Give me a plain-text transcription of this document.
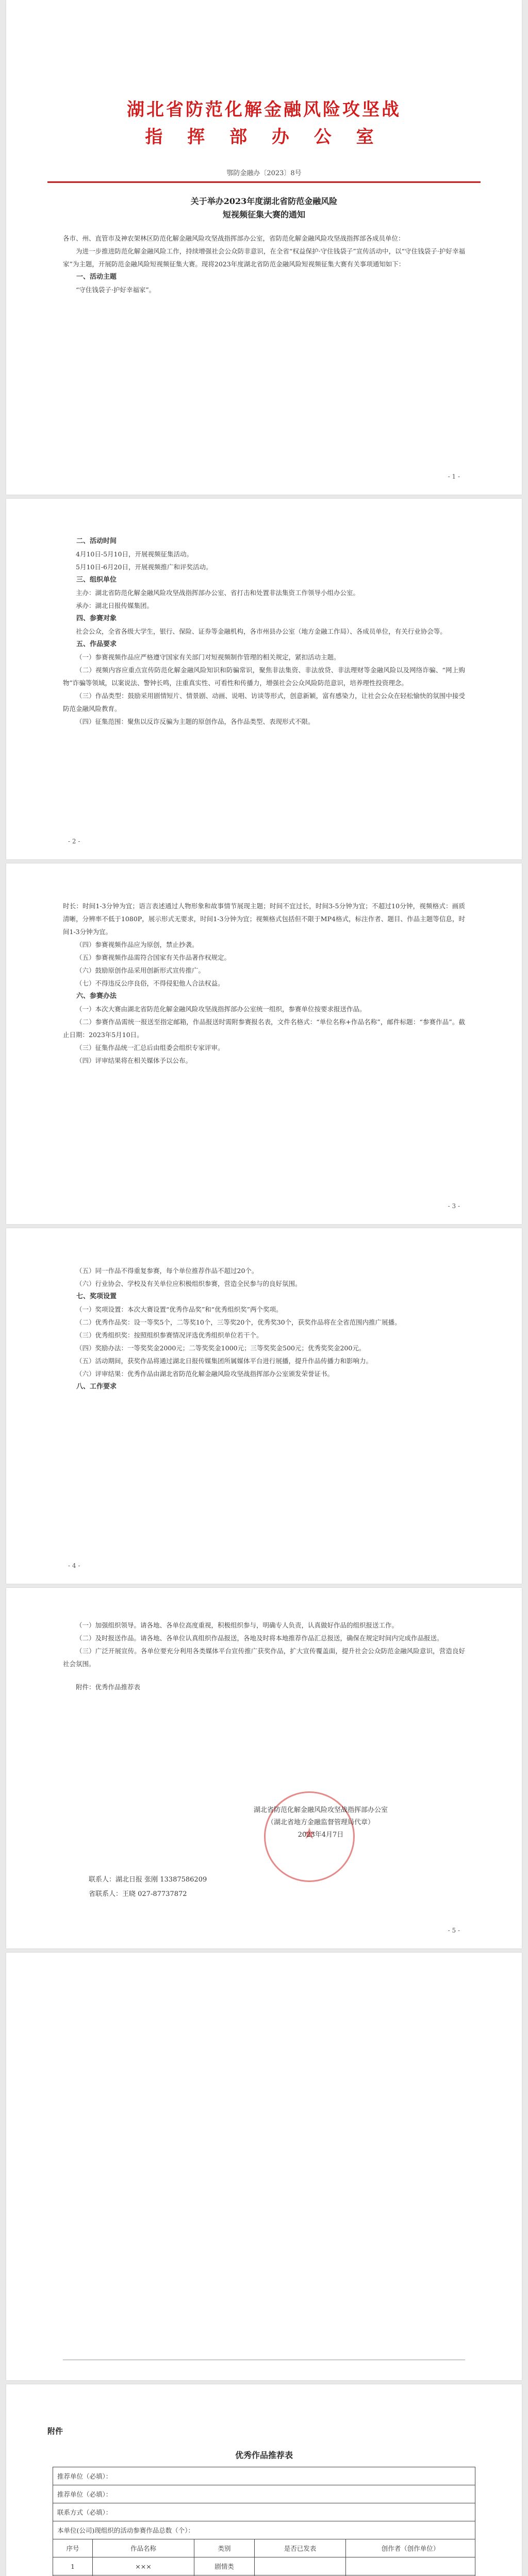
湖北省防范化解金融风险攻坚战
指 挥 部 办 公 室
鄂防金融办〔2023〕8号
关于举办2023年度湖北省防范金融风险
短视频征集大赛的通知

各市、州、直管市及神农架林区防范化解金融风险攻坚战指挥部办公室，省防范化解金融风险攻坚战指挥部各成员单位：

为进一步推进防范化解金融风险工作，持续增强社会公众防非意识，在全省“权益保护·守住钱袋子”宣传活动中，以“守住钱袋子·护好幸福家”为主题，开展防范金融风险短视频征集大赛。现将2023年度湖北省防范金融风险短视频征集大赛有关事项通知如下：

一、活动主题

“守住钱袋子·护好幸福家”。

- 1 -

二、活动时间

4月10日-5月10日，开展视频征集活动。

5月10日-6月20日，开展视频推广和评奖活动。

三、组织单位

主办：湖北省防范化解金融风险攻坚战指挥部办公室、省打击和处置非法集资工作领导小组办公室。

承办：湖北日报传媒集团。

四、参赛对象

社会公众，全省各级大学生，银行、保险、证券等金融机构，各市州县办公室（地方金融工作局）、各成员单位，有关行业协会等。

五、作品要求

（一）参赛视频作品应严格遵守国家有关部门对短视频制作管理的相关规定，紧扣活动主题。

（二）视频内容应重点宣传防范化解金融风险知识和防骗常识，聚焦非法集资、非法放贷、非法理财等金融风险以及网络诈骗、“网上购物”诈骗等领域，以案说法、警钟长鸣，注重真实性、可看性和传播力，增强社会公众风险防范意识，培养理性投资理念。

（三）作品类型：鼓励采用剧情短片、情景剧、动画、说唱、访谈等形式，创意新颖，富有感染力，让社会公众在轻松愉快的氛围中接受防范金融风险教育。

（四）征集范围：聚焦以反诈反骗为主题的原创作品，各作品类型、表现形式不限。

- 2 -

时长：时间1-3分钟为宜；语言表述通过人物形象和故事情节展现主题；时间不宜过长，时间3-5分钟为宜；不超过10分钟，视频格式：画质清晰，分辨率不低于1080P，展示形式无要求，时间1-3分钟为宜；视频格式包括但不限于MP4格式，标注作者、题目、作品主题等信息，时间1-3分钟为宜。

（四）参赛视频作品应为原创，禁止抄袭。

（五）参赛视频作品需符合国家有关作品著作权规定。

（六）鼓励原创作品采用创新形式宣传推广。

（七）不得违反公序良俗，不得侵犯他人合法权益。

六、参赛办法

（一）本次大赛由湖北省防范化解金融风险攻坚战指挥部办公室统一组织，参赛单位按要求报送作品。

（二）参赛作品需统一报送至指定邮箱，作品报送时需附参赛报名表，文件名格式：“单位名称+作品名称”，邮件标题：“参赛作品”。截止日期：2023年5月10日。

（三）征集作品统一汇总后由组委会组织专家评审。

（四）评审结果将在相关媒体予以公布。

- 3 -

（五）同一作品不得重复参赛，每个单位推荐作品不超过20个。

（六）行业协会、学校及有关单位应积极组织参赛，营造全民参与的良好氛围。

七、奖项设置

（一）奖项设置：本次大赛设置“优秀作品奖”和“优秀组织奖”两个奖项。

（二）优秀作品奖：设一等奖5个，二等奖10个，三等奖20个，优秀奖30个，获奖作品将在全省范围内推广展播。

（三）优秀组织奖：按照组织参赛情况评选优秀组织单位若干个。

（四）奖励办法：一等奖奖金2000元；二等奖奖金1000元；三等奖奖金500元；优秀奖奖金200元。

（五）活动期间，获奖作品将通过湖北日报传媒集团所属媒体平台进行展播，提升作品传播力和影响力。

（六）评审结果：优秀作品由湖北省防范化解金融风险攻坚战指挥部办公室颁发荣誉证书。

八、工作要求

- 4 -

（一）加强组织领导。请各地、各单位高度重视，积极组织参与，明确专人负责，认真做好作品的组织报送工作。

（二）及时报送作品。请各地、各单位认真组织作品报送，各地及时将本地推荐作品汇总报送，确保在规定时间内完成作品报送。

（三）广泛开展宣传。各单位要充分利用各类媒体平台宣传推广获奖作品，扩大宣传覆盖面，提升社会公众防范金融风险意识，营造良好社会氛围。

附件：优秀作品推荐表

★
湖北省防范化解金融风险攻坚战指挥部办公室
（湖北省地方金融监督管理局代章）
2023年4月7日
联系人：湖北日报 张刚 13387586209
省联系人：王晓 027-87737872
- 5 -
附件
优秀作品推荐表
推荐单位（必填）：				
推荐单位（必填）：				
联系方式（必填）：				
本单位(公司)现组织的活动参赛作品总数（个）：				
序号	作品名称	类别	是否已发表	创作者（创作单位）
1	×××	剧情类		
